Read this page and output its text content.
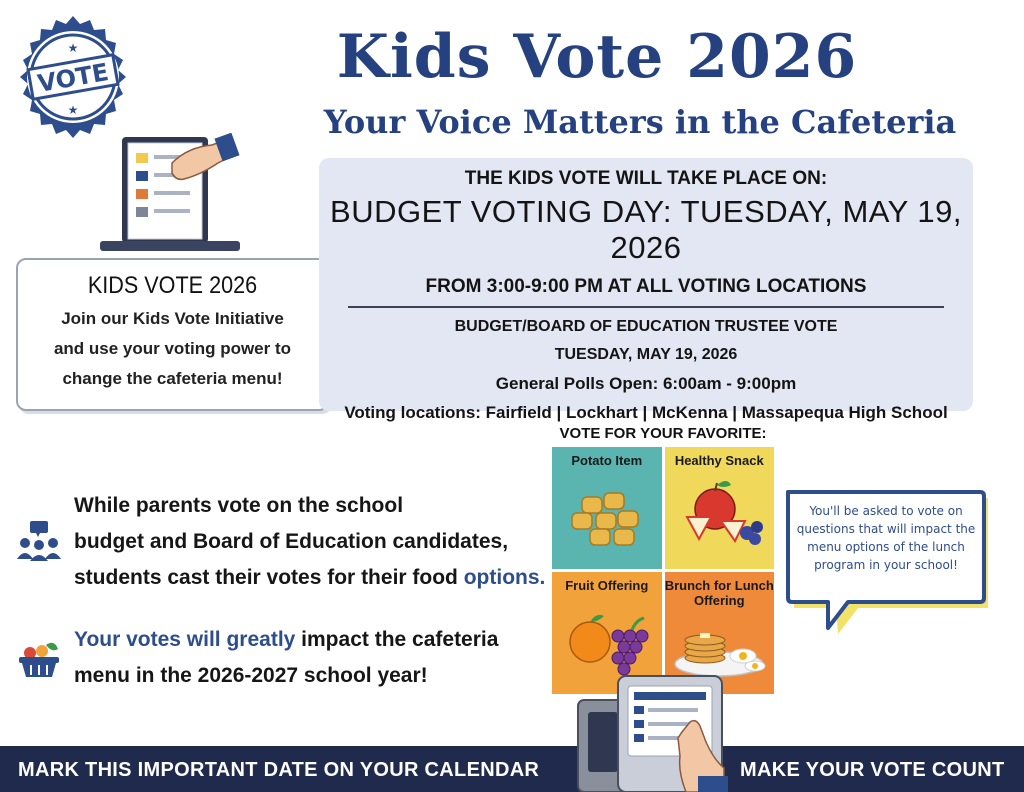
VOTE
★
★
Kids Vote 2026
Your Voice Matters in the Cafeteria
KIDS VOTE 2026
Join our Kids Vote Initiative
and use your voting power to
change the cafeteria menu!
THE KIDS VOTE WILL TAKE PLACE ON:
BUDGET VOTING DAY: TUESDAY, MAY 19, 2026
FROM 3:00-9:00 PM AT ALL VOTING LOCATIONS
BUDGET/BOARD OF EDUCATION TRUSTEE VOTE
TUESDAY, MAY 19, 2026
General Polls Open: 6:00am - 9:00pm
Voting locations: Fairfield | Lockhart | McKenna | Massapequa High School
While parents vote on the school
budget and Board of Education candidates,
students cast their votes for their food options.
Your votes will greatly impact the cafeteria
menu in the 2026-2027 school year!
VOTE FOR YOUR FAVORITE:
Potato Item	Healthy Snack
Fruit Offering	Brunch for Lunch Offering
You'll be asked to vote on questions that will impact the menu options of the lunch program in your school!
MARK THIS IMPORTANT DATE ON YOUR CALENDAR	MAKE YOUR VOTE COUNT
